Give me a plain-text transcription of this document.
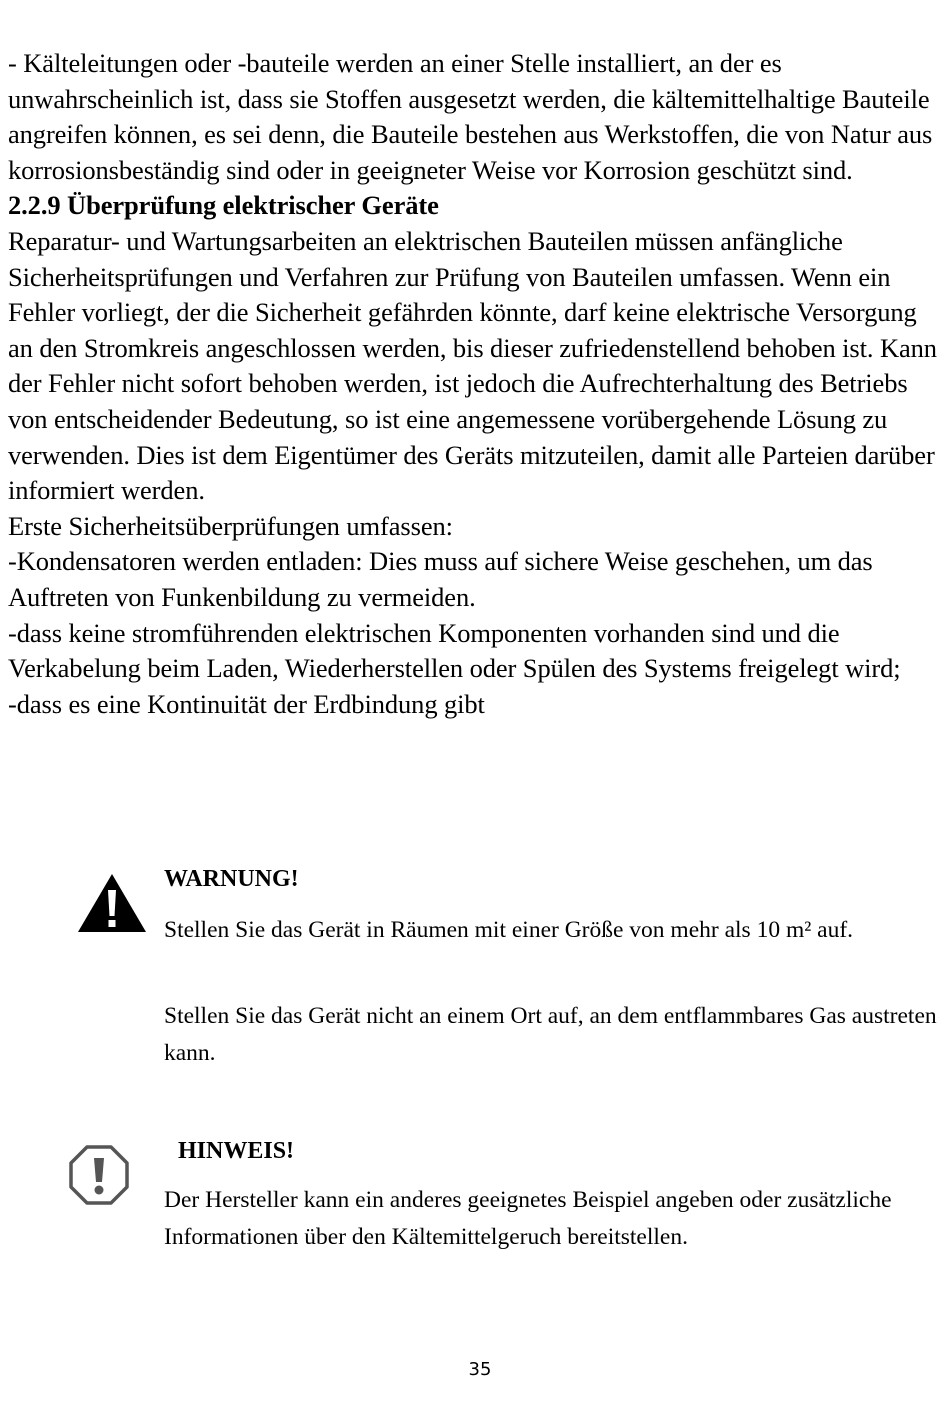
- Kälteleitungen oder -bauteile werden an einer Stelle installiert, an der es unwahrscheinlich ist, dass sie Stoffen ausgesetzt werden, die kältemittelhaltige Bauteile angreifen können, es sei denn, die Bauteile bestehen aus Werkstoffen, die von Natur aus korrosionsbeständig sind oder in geeigneter Weise vor Korrosion geschützt sind.

2.2.9 Überprüfung elektrischer Geräte

Reparatur- und Wartungsarbeiten an elektrischen Bauteilen müssen anfängliche Sicherheitsprüfungen und Verfahren zur Prüfung von Bauteilen umfassen. Wenn ein Fehler vorliegt, der die Sicherheit gefährden könnte, darf keine elektrische Versorgung an den Stromkreis angeschlossen werden, bis dieser zufriedenstellend behoben ist. Kann der Fehler nicht sofort behoben werden, ist jedoch die Aufrechterhaltung des Betriebs von entscheidender Bedeutung, so ist eine angemessene vorübergehende Lösung zu verwenden. Dies ist dem Eigentümer des Geräts mitzuteilen, damit alle Parteien darüber informiert werden.

Erste Sicherheitsüberprüfungen umfassen:

-Kondensatoren werden entladen: Dies muss auf sichere Weise geschehen, um das Auftreten von Funkenbildung zu vermeiden.

-dass keine stromführenden elektrischen Komponenten vorhanden sind und die Verkabelung beim Laden, Wiederherstellen oder Spülen des Systems freigelegt wird;

-dass es eine Kontinuität der Erdbindung gibt

WARNUNG!

Stellen Sie das Gerät in Räumen mit einer Größe von mehr als 10 m² auf.

Stellen Sie das Gerät nicht an einem Ort auf, an dem entflammbares Gas austreten kann.

HINWEIS!

Der Hersteller kann ein anderes geeignetes Beispiel angeben oder zusätzliche Informationen über den Kältemittelgeruch bereitstellen.

35
